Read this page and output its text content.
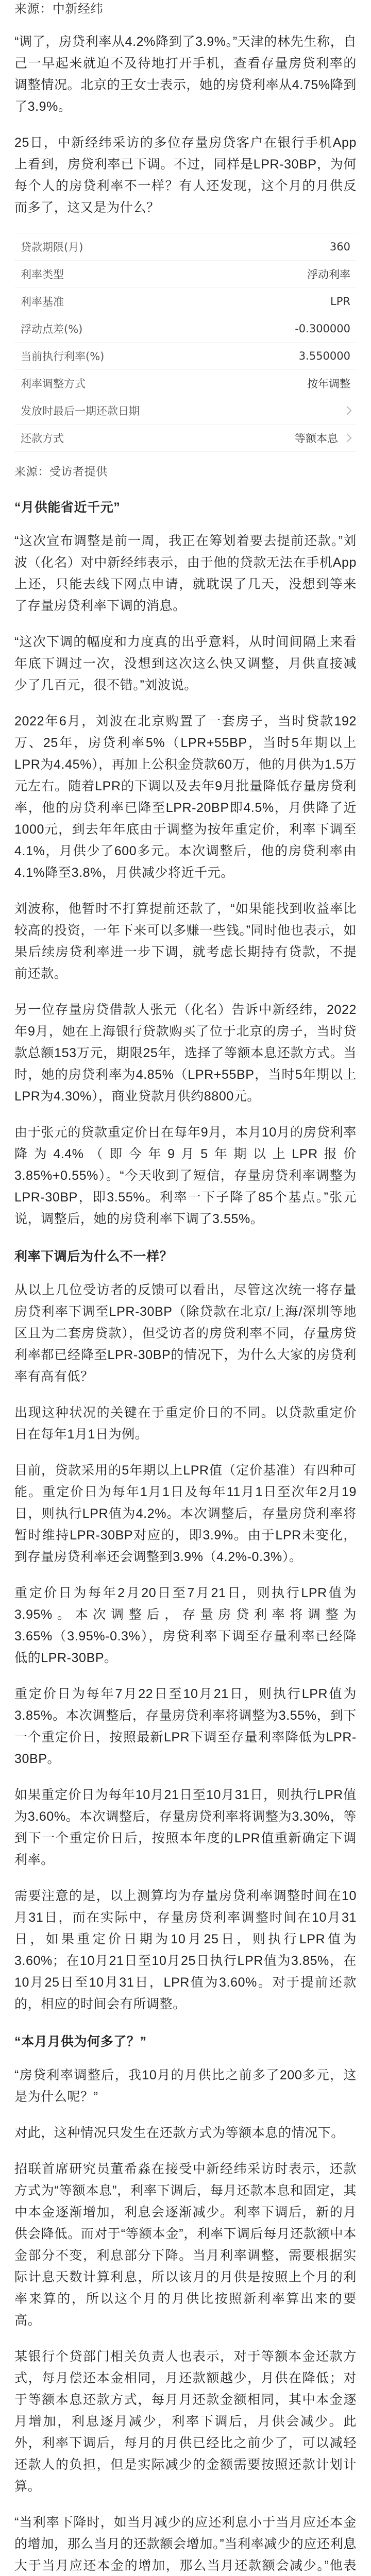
来源：中新经纬

“调了，房贷利率从4.2%降到了3.9%。”天津的林先生称，自己一早起来就迫不及待地打开手机，查看存量房贷利率的调整情况。北京的王女士表示，她的房贷利率从4.75%降到了3.9%。

25日，中新经纬采访的多位存量房贷客户在银行手机App上看到，房贷利率已下调。不过，同样是LPR-30BP，为何每个人的房贷利率不一样？有人还发现，这个月的月供反而多了，这又是为什么？

贷款期限(月)	360
利率类型	浮动利率
利率基准	LPR
浮动点差(%)	-0.300000
当前执行利率(%)	3.550000
利率调整方式	按年调整
发放时最后一期还款日期
还款方式	等额本息

来源：受访者提供

“月供能省近千元”

“这次宣布调整是前一周，我正在筹划着要去提前还款。”刘波（化名）对中新经纬表示，由于他的贷款无法在手机App上还，只能去线下网点申请，就耽误了几天，没想到等来了存量房贷利率下调的消息。

“这次下调的幅度和力度真的出乎意料，从时间间隔上来看年底下调过一次，没想到这次这么快又调整，月供直接减少了几百元，很不错。”刘波说。

2022年6月，刘波在北京购置了一套房子，当时贷款192万、25年，房贷利率5%（LPR+55BP，当时5年期以上LPR为4.45%），再加上公积金贷款60万，他的月供为1.5万元左右。随着LPR的下调以及去年9月批量降低存量房贷利率，他的房贷利率已降至LPR-20BP即4.5%，月供降了近1000元，到去年年底由于调整为按年重定价，利率下调至4.1%，月供少了600多元。本次调整后，他的房贷利率由4.1%降至3.8%，月供减少将近千元。

刘波称，他暂时不打算提前还款了，“如果能找到收益率比较高的投资，一年下来可以多赚一些钱。”同时他也表示，如果后续房贷利率进一步下调，就考虑长期持有贷款，不提前还款。

另一位存量房贷借款人张元（化名）告诉中新经纬，2022年9月，她在上海银行贷款购买了位于北京的房子，当时贷款总额153万元，期限25年，选择了等额本息还款方式。当时，她的房贷利率为4.85%（LPR+55BP，当时5年期以上LPR为4.30%），商业贷款月供约8800元。

由于张元的贷款重定价日在每年9月，本月10月的房贷利率降为4.4%（即今年9月5年期以上LPR报价3.85%+0.55%）。“今天收到了短信，存量房贷利率调整为LPR-30BP，即3.55%。利率一下子降了85个基点。”张元说，调整后，她的房贷利率下调了3.55%。

利率下调后为什么不一样？

从以上几位受访者的反馈可以看出，尽管这次统一将存量房贷利率下调至LPR-30BP（除贷款在北京/上海/深圳等地区且为二套房贷款），但受访者的房贷利率不同，存量房贷利率都已经降至LPR-30BP的情况下，为什么大家的房贷利率有高有低？

出现这种状况的关键在于重定价日的不同。以贷款重定价日在每年1月1日为例。

目前，贷款采用的5年期以上LPR值（定价基准）有四种可能。重定价日为每年1月1日及每年11月1日至次年2月19日，则执行LPR值为4.2%。本次调整后，存量房贷利率将暂时维持LPR-30BP对应的，即3.9%。由于LPR未变化，到存量房贷利率还会调整到3.9%（4.2%-0.3%）。

重定价日为每年2月20日至7月21日，则执行LPR值为3.95%。本次调整后，存量房贷利率将调整为3.65%（3.95%-0.3%），房贷利率下调至存量利率已经降低的LPR-30BP。

重定价日为每年7月22日至10月21日，则执行LPR值为3.85%。本次调整后，存量房贷利率将调整为3.55%，到下一个重定价日，按照最新LPR下调至存量利率降低为LPR-30BP。

如果重定价日为每年10月21日至10月31日，则执行LPR值为3.60%。本次调整后，存量房贷利率将调整为3.30%，等到下一个重定价日后，按照本年度的LPR值重新确定下调利率。

需要注意的是，以上测算均为存量房贷利率调整时间在10月31日，而在实际中，存量房贷利率调整时间在10月31日，如果重定价日期为10月25日，则执行LPR值为3.60%；在10月21日至10月25日执行LPR值为3.85%，在10月25日至10月31日，LPR值为3.60%。对于提前还款的，相应的时间会有所调整。

“本月月供为何多了？”

“房贷利率调整后，我10月的月供比之前多了200多元，这是为什么呢？”

对此，这种情况只发生在还款方式为等额本息的情况下。

招联首席研究员董希淼在接受中新经纬采访时表示，还款方式为“等额本息”，利率下调后，每月还款本息和固定，其中本金逐渐增加，利息会逐渐减少。利率下调后，新的月供会降低。而对于“等额本金”，利率下调后每月还款额中本金部分不变，利息部分下降。当月利率调整，需要根据实际计息天数计算利息，所以该月的月供是按照上个月的利率来算的，所以这个月的月供比按照新利率算出来的要高。

某银行个贷部门相关负责人也表示，对于等额本金还款方式，每月偿还本金相同，月还款额越少，月供在降低；对于等额本息还款方式，每月月还款金额相同，其中本金逐月增加，利息逐月减少，利率下调后，月供会减少。此外，利率下调后，每月的月供已经比之前少了，可以减轻还款人的负担，但是实际减少的金额需要按照还款计划计算。

“当利率下降时，如当月减少的应还利息小于当月应还本金的增加，那么当月的还款额会增加。”当利率减少的应还利息大于当月应还本金的增加，那么当月还款额会减少。”他表
